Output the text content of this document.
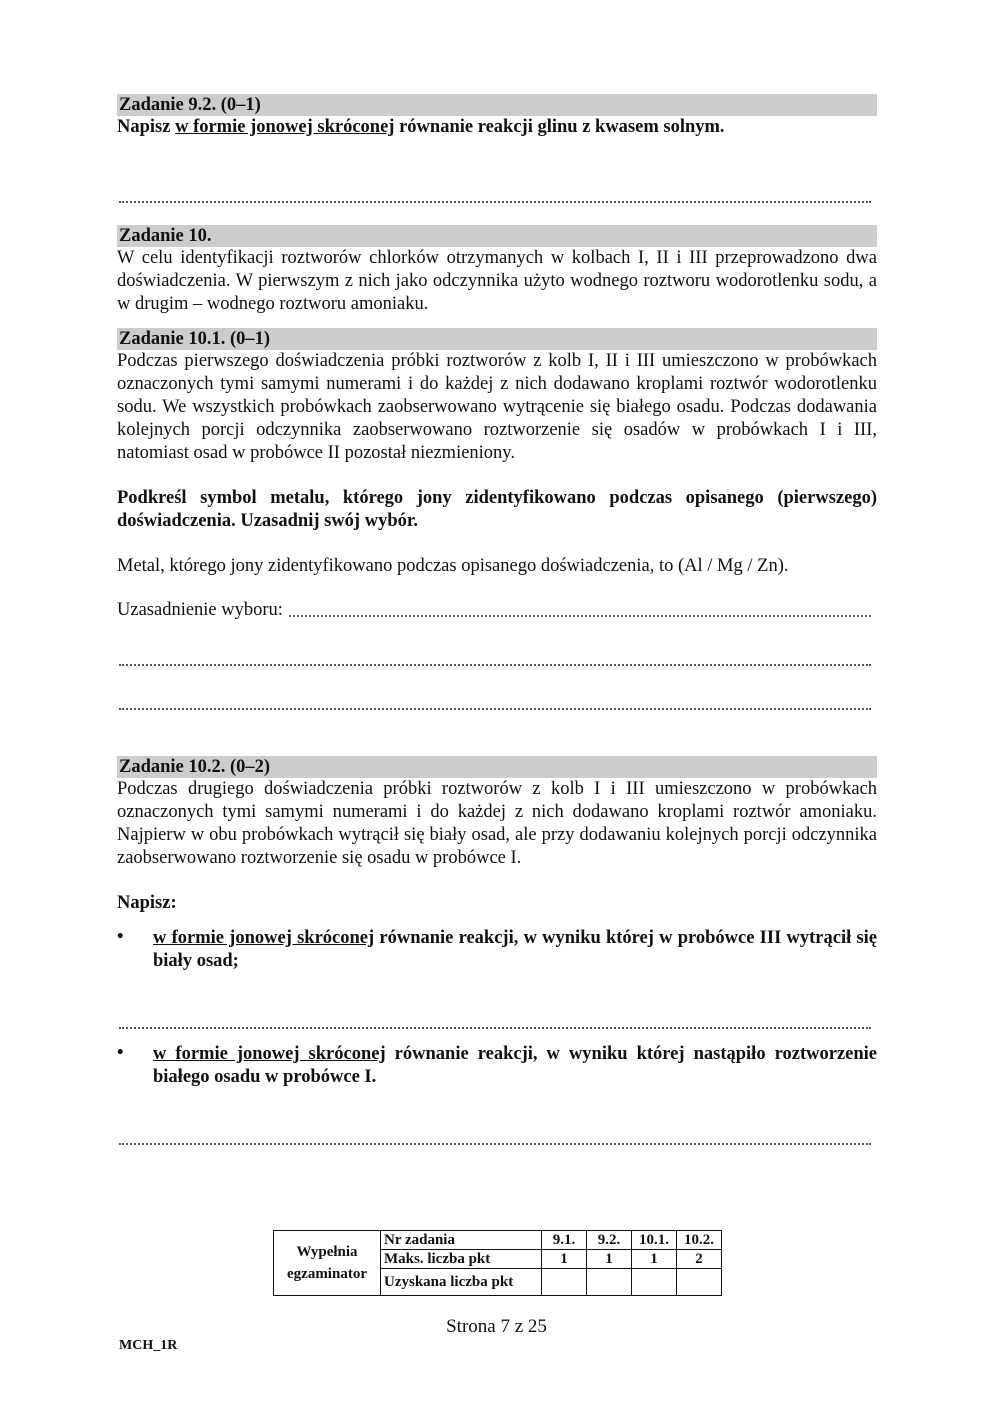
Zadanie 9.2. (0–1)

Napisz w formie jonowej skróconej równanie reakcji glinu z kwasem solnym.

Zadanie 10.

W celu identyfikacji roztworów chlorków otrzymanych w kolbach I, II i III przeprowadzono dwa doświadczenia. W pierwszym z nich jako odczynnika użyto wodnego roztworu wodorotlenku sodu, a w drugim – wodnego roztworu amoniaku.

Zadanie 10.1. (0–1)

Podczas pierwszego doświadczenia próbki roztworów z kolb I, II i III umieszczono w probówkach oznaczonych tymi samymi numerami i do każdej z nich dodawano kroplami roztwór wodorotlenku sodu. We wszystkich probówkach zaobserwowano wytrącenie się białego osadu. Podczas dodawania kolejnych porcji odczynnika zaobserwowano roztworzenie się osadów w probówkach I i III, natomiast osad w probówce II pozostał niezmieniony.

Podkreśl symbol metalu, którego jony zidentyfikowano podczas opisanego (pierwszego) doświadczenia. Uzasadnij swój wybór.

Metal, którego jony zidentyfikowano podczas opisanego doświadczenia, to (Al / Mg / Zn).

Uzasadnienie wyboru:
Zadanie 10.2. (0–2)

Podczas drugiego doświadczenia próbki roztworów z kolb I i III umieszczono w probówkach oznaczonych tymi samymi numerami i do każdej z nich dodawano kroplami roztwór amoniaku. Najpierw w obu probówkach wytrącił się biały osad, ale przy dodawaniu kolejnych porcji odczynnika zaobserwowano roztworzenie się osadu w probówce I.

Napisz:

•	w formie jonowej skróconej równanie reakcji, w wyniku której w probówce III wytrącił się biały osad;

•	w formie jonowej skróconej równanie reakcji, w wyniku której nastąpiło roztworzenie białego osadu w probówce I.

Wypełnia egzaminator	Nr zadania	9.1.	9.2.	10.1.	10.2.
	Maks. liczba pkt	1	1	1	2
	Uzyskana liczba pkt				
Strona 7 z 25
MCH_1R
